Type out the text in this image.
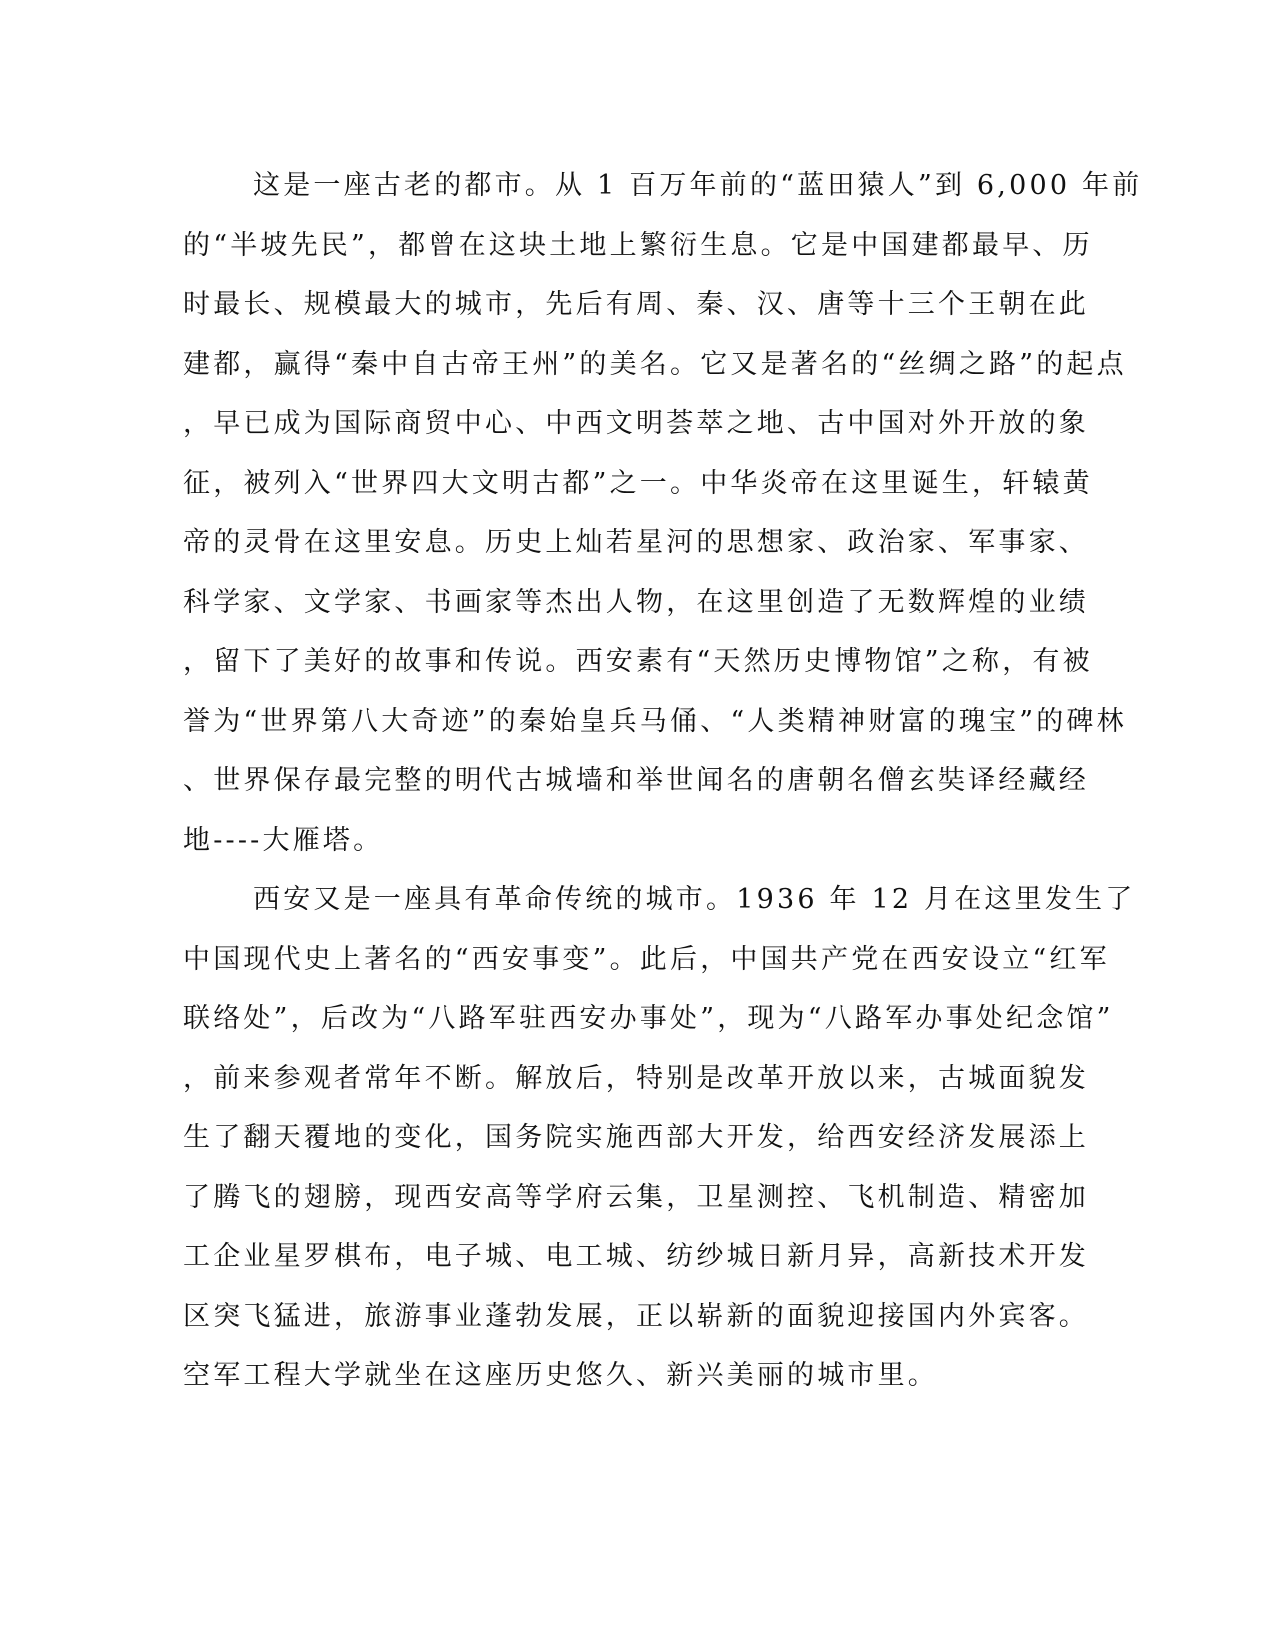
这是一座古老的都市。从 1 百万年前的“蓝田猿人”到 6,000 年前
的“半坡先民”，都曾在这块土地上繁衍生息。它是中国建都最早、历
时最长、规模最大的城市，先后有周、秦、汉、唐等十三个王朝在此
建都，赢得“秦中自古帝王州”的美名。它又是著名的“丝绸之路”的起点
，早已成为国际商贸中心、中西文明荟萃之地、古中国对外开放的象
征，被列入“世界四大文明古都”之一。中华炎帝在这里诞生，轩辕黄
帝的灵骨在这里安息。历史上灿若星河的思想家、政治家、军事家、
科学家、文学家、书画家等杰出人物，在这里创造了无数辉煌的业绩
，留下了美好的故事和传说。西安素有“天然历史博物馆”之称，有被
誉为“世界第八大奇迹”的秦始皇兵马俑、“人类精神财富的瑰宝”的碑林
、世界保存最完整的明代古城墙和举世闻名的唐朝名僧玄奘译经藏经
地----大雁塔。
西安又是一座具有革命传统的城市。1936 年 12 月在这里发生了
中国现代史上著名的“西安事变”。此后，中国共产党在西安设立“红军
联络处”，后改为“八路军驻西安办事处”，现为“八路军办事处纪念馆”
，前来参观者常年不断。解放后，特别是改革开放以来，古城面貌发
生了翻天覆地的变化，国务院实施西部大开发，给西安经济发展添上
了腾飞的翅膀，现西安高等学府云集，卫星测控、飞机制造、精密加
工企业星罗棋布，电子城、电工城、纺纱城日新月异，高新技术开发
区突飞猛进，旅游事业蓬勃发展，正以崭新的面貌迎接国内外宾客。
空军工程大学就坐在这座历史悠久、新兴美丽的城市里。
